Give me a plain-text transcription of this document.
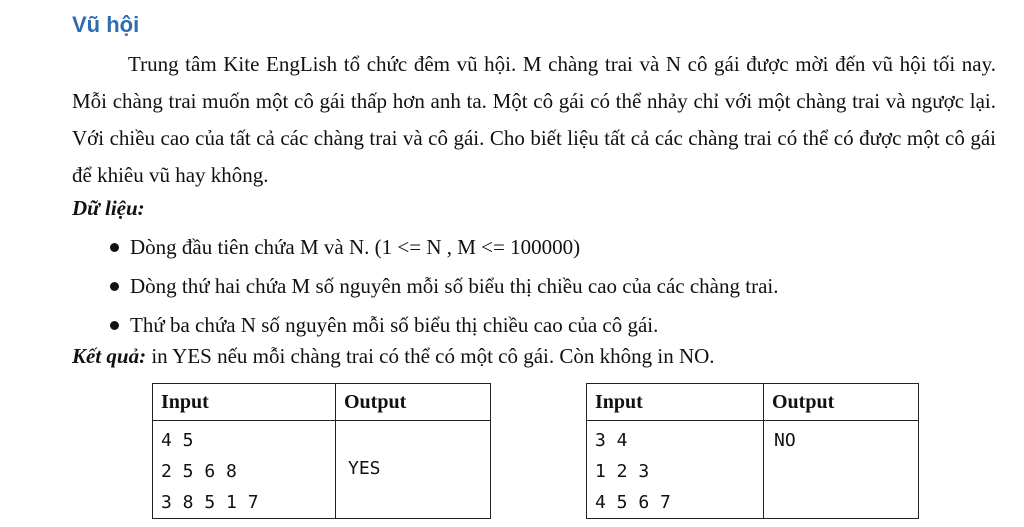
Vũ hội

Trung tâm Kite EngLish tổ chức đêm vũ hội. M chàng trai và N cô gái được mời đến vũ hội tối nay. Mỗi chàng trai muốn một cô gái thấp hơn anh ta. Một cô gái có thể nhảy chỉ với một chàng trai và ngược lại. Với chiều cao của tất cả các chàng trai và cô gái. Cho biết liệu tất cả các chàng trai có thể có được một cô gái để khiêu vũ hay không.

Dữ liệu:
Dòng đầu tiên chứa M và N. (1 <= N , M <= 100000)
Dòng thứ hai chứa M số nguyên mỗi số biểu thị chiều cao của các chàng trai.
Thứ ba chứa N số nguyên mỗi số biểu thị chiều cao của cô gái.
Kết quả: in YES nếu mỗi chàng trai có thể có một cô gái. Còn không in NO.
Input	Output

4 5
2 5 6 8
3 8 5 1 7	YES
Input	Output

3 4
1 2 3
4 5 6 7	NO
